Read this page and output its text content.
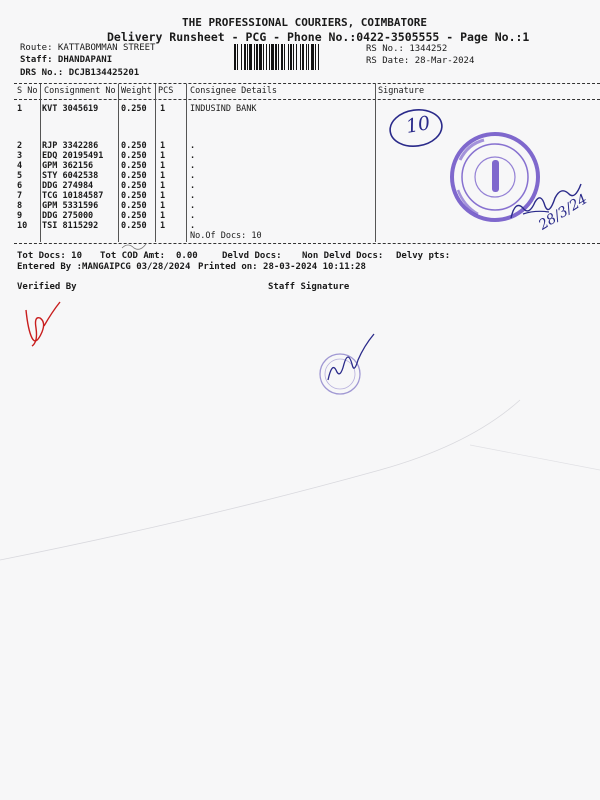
THE PROFESSIONAL COURIERS, COIMBATORE
Delivery Runsheet - PCG - Phone No.:0422-3505555 - Page No.:1
Route: KATTABOMMAN STREET
Staff: DHANDAPANI
DRS No.: DCJB134425201
RS No.: 1344252
RS Date: 28-Mar-2024
S No Consignment No Weight PCS Consignee Details	Signature
1 KVT 3045619	0.250 1	INDUSIND BANK
2 RJP 3342286	0.250 1	.
3 EDQ 20195491 0.250 1	.
4 GPM 362156	0.250 1	.
5 STY 6042538	0.250 1	.
6 DDG 274984	0.250 1	.
7 TCG 10184587 0.250 1	.
8 GPM 5331596	0.250 1	.
9 DDG 275000	0.250 1	.
10 TSI 8115292	0.250 1	.
No.Of Docs: 10
Tot Docs: 10 Tot COD Amt: 0.00	Delvd Docs: Non Delvd Docs: Delvy pts:
Entered By :MANGAIPCG 03/28/2024 Printed on: 28-03-2024 10:11:28
Verified By	Staff Signature
10
28/3/24
